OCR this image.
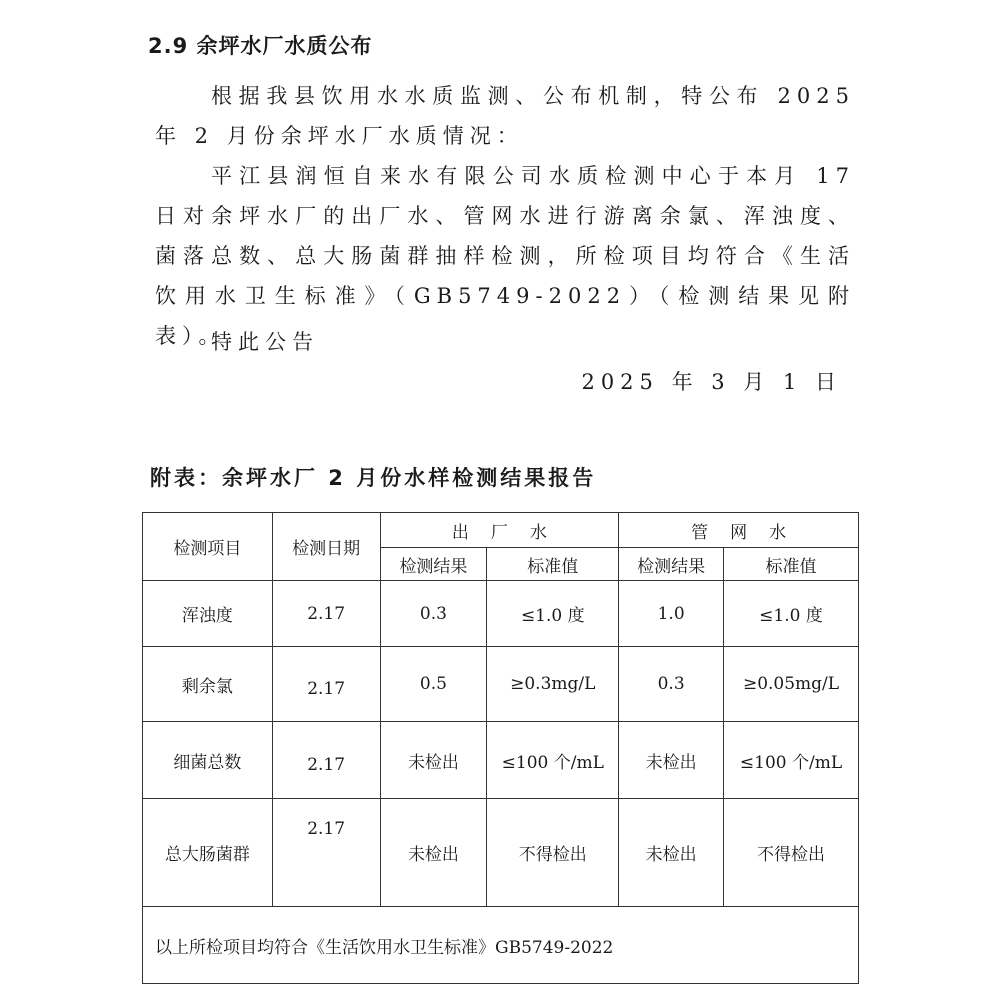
2.9 余坪水厂水质公布
根据我县饮用水水质监测、公布机制，特公布 2025 年 2 月份余坪水厂水质情况：
平江县润恒自来水有限公司水质检测中心于本月 17 日对余坪水厂的出厂水、管网水进行游离余氯、浑浊度、菌落总数、总大肠菌群抽样检测，所检项目均符合《生活饮用水卫生标准》（GB5749-2022）（检测结果见附表）。
特此公告
2025 年 3 月 1 日
附表：余坪水厂 2 月份水样检测结果报告
检测项目	检测日期	出厂水		管网水	
		检测结果	标准值	检测结果	标准值
浑浊度	2.17	0.3	≤1.0 度	1.0	≤1.0 度
剩余氯	2.17	0.5	≥0.3mg/L	0.3	≥0.05mg/L
细菌总数	2.17	未检出	≤100 个/mL	未检出	≤100 个/mL
总大肠菌群	2.17	未检出	不得检出	未检出	不得检出
以上所检项目均符合《生活饮用水卫生标准》GB5749-2022					
